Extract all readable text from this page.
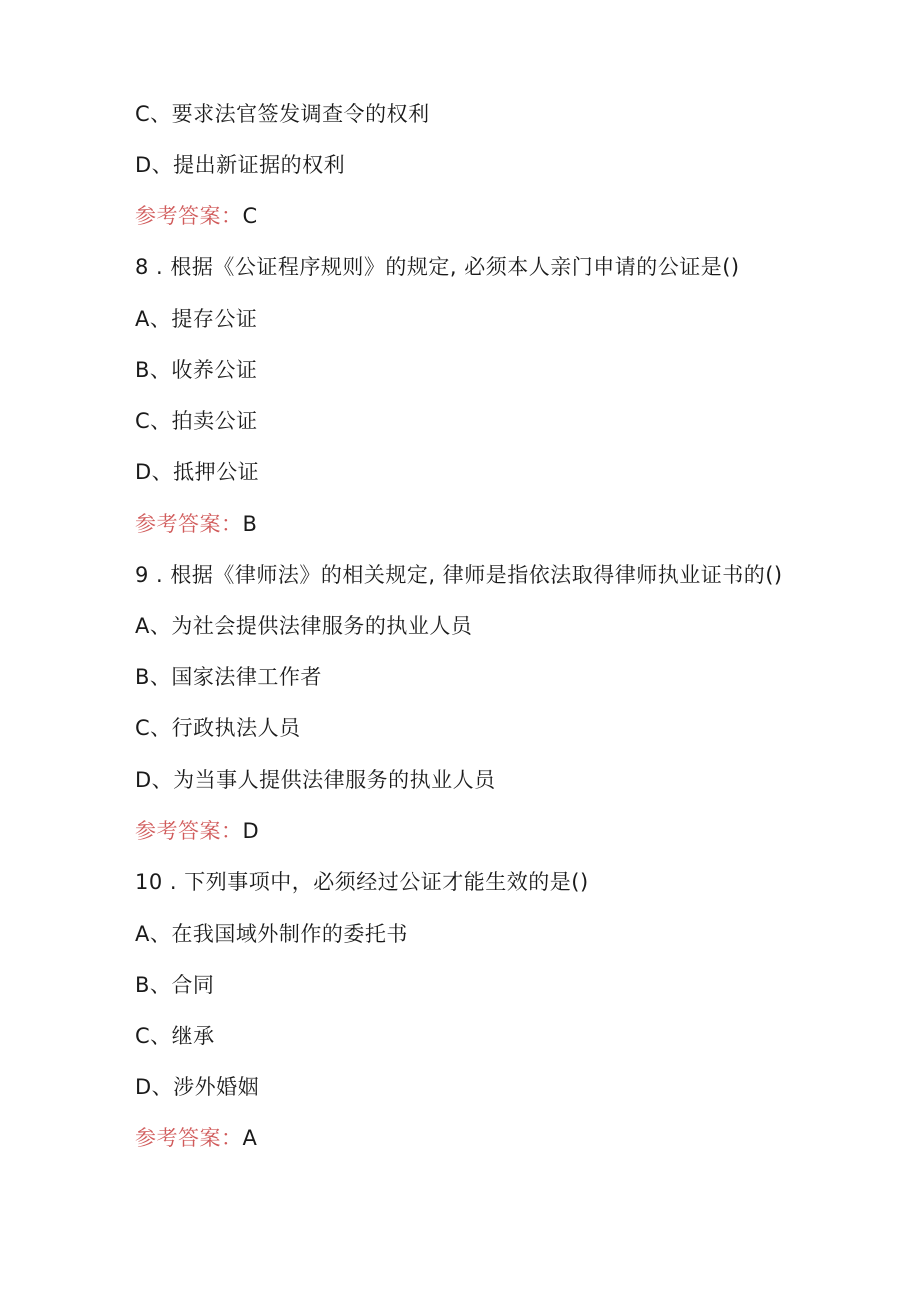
C、要求法官签发调查令的权利
D、提出新证据的权利
参考答案：C
8 . 根据《公证程序规则》的规定, 必须本人亲门申请的公证是()
A、提存公证
B、收养公证
C、拍卖公证
D、抵押公证
参考答案：B
9 . 根据《律师法》的相关规定, 律师是指依法取得律师执业证书的()
A、为社会提供法律服务的执业人员
B、国家法律工作者
C、行政执法人员
D、为当事人提供法律服务的执业人员
参考答案：D
10 . 下列事项中，必须经过公证才能生效的是()
A、在我国域外制作的委托书
B、合同
C、继承
D、涉外婚姻
参考答案：A
